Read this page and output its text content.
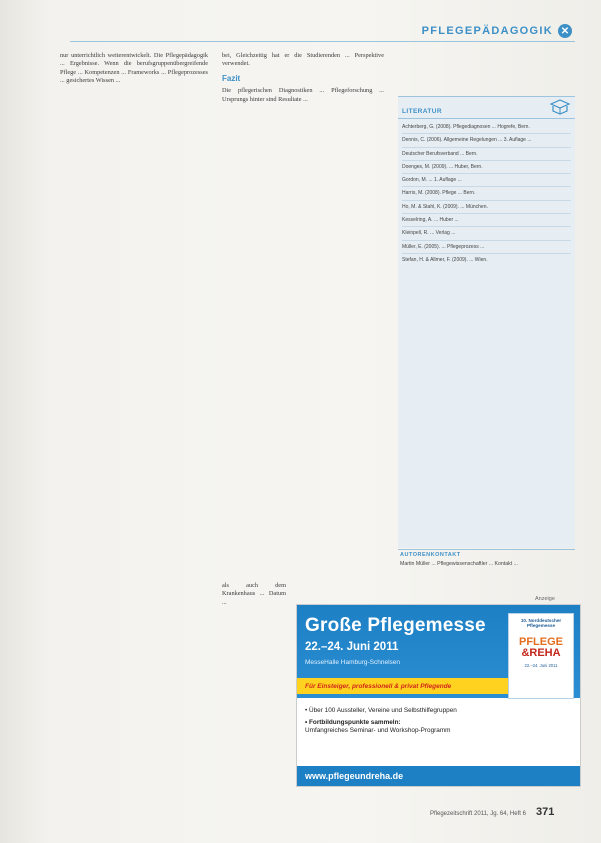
PFLEGEPÄDAGOGIK ✕

nur unterrichtlich weiterentwickelt. Die Pflegepädagogik ... Ergebnisse. Wenn die berufsgruppenübergreifende Pflege ... Kompetenzen ... Frameworks ... Pflegeprozesses ... gesichertes Wissen ...

bei, Gleichzeitig hat er die Studierenden ... Perspektive verwendet.

Fazit

Die pflegerischen Diagnostiken ... Pflegeforschung ... Ursprungs hinter sind Resultate ...

als auch dem Krankenhaus ... Datum ...

LITERATUR
Achterberg, G. (2008). Pflegediagnosen ... Hogrefe, Bern.
Dennis, C. (2006). Allgemeine Regelungen ... 3. Auflage ...
Deutscher Berufsverband ... Bern.
Doenges, M. (2009). ... Huber, Bern.
Gordon, M. ... 1. Auflage ...
Harris, M. (2008). Pflege ... Bern.
Ho, M. & Stahl, K. (2009). ... München.
Kesselring, A. ... Huber ...
Kleinpell, R. ... Verlag ...
Müller, E. (2005). ... Pflegeprozess ...
Stefan, H. & Allmer, F. (2009). ... Wien.
AUTORENKONTAKT
Martin Müller ... Pflegewissenschaftler ... Kontakt ...
Anzeige
Große Pflegemesse
22.–24. Juni 2011
MesseHalle Hamburg-Schnelsen
Für Einsteiger, professionell & privat Pflegende
10. Norddeutscher Pflegemesse
PFLEGE
&REHA
22.–24. Juni 2011
• Über 100 Aussteller, Vereine und Selbsthilfegruppen
• Fortbildungspunkte sammeln:
Umfangreiches Seminar- und Workshop-Programm
www.pflegeundreha.de
Pflegezeitschrift 2011, Jg. 64, Heft 6 371
